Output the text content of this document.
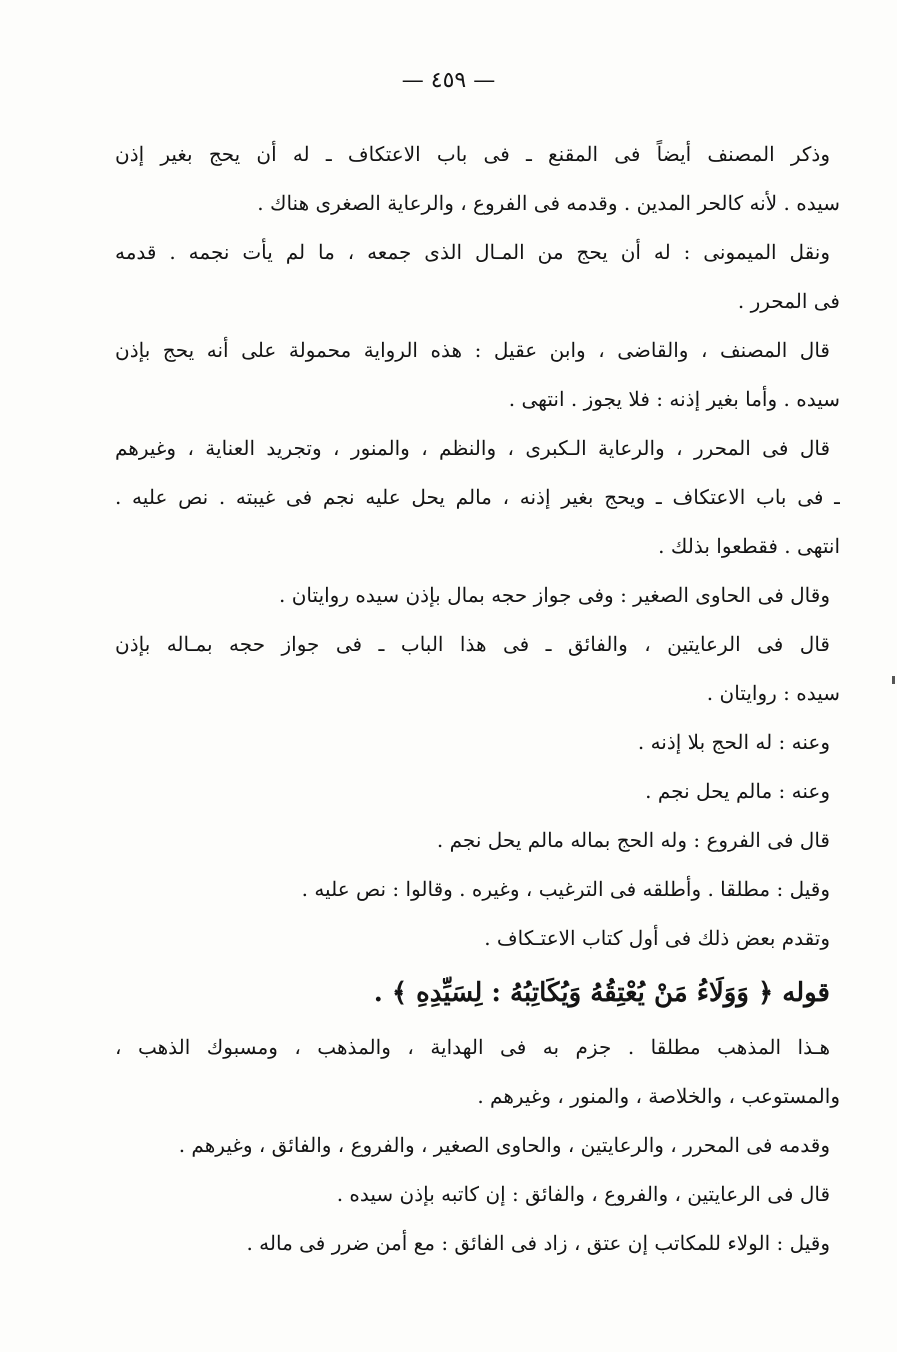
— ٤٥٩ —
وذكر المصنف أيضاً فى المقنع ـ فى باب الاعتكاف ـ له أن يحج بغير إذن
سيده . لأنه كالحر المدين . وقدمه فى الفروع ، والرعاية الصغرى هناك .
ونقل الميمونى : له أن يحج من المـال الذى جمعه ، ما لم يأت نجمه . قدمه
فى المحرر .
قال المصنف ، والقاضى ، وابن عقيل : هذه الرواية محمولة على أنه يحج بإذن
سيده . وأما بغير إذنه : فلا يجوز . انتهى .
قال فى المحرر ، والرعاية الـكبرى ، والنظم ، والمنور ، وتجريد العناية ، وغيرهم
ـ فى باب الاعتكاف ـ ويحج بغير إذنه ، مالم يحل عليه نجم فى غيبته . نص عليه .
انتهى . فقطعوا بذلك .
وقال فى الحاوى الصغير : وفى جواز حجه بمال بإذن سيده روايتان .
قال فى الرعايتين ، والفائق ـ فى هذا الباب ـ فى جواز حجه بمـاله بإذن
سيده : روايتان .
وعنه : له الحج بلا إذنه .
وعنه : مالم يحل نجم .
قال فى الفروع : وله الحج بماله مالم يحل نجم .
وقيل : مطلقا . وأطلقه فى الترغيب ، وغيره . وقالوا : نص عليه .
وتقدم بعض ذلك فى أول كتاب الاعتـكاف .
قوله ﴿ وَوَلَاءُ مَنْ يُعْتِقُهُ وَيُكَاتِبُهُ : لِسَيِّدِهِ ﴾ .
هـذا المذهب مطلقا . جزم به فى الهداية ، والمذهب ، ومسبوك الذهب ،
والمستوعب ، والخلاصة ، والمنور ، وغيرهم .
وقدمه فى المحرر ، والرعايتين ، والحاوى الصغير ، والفروع ، والفائق ، وغيرهم .
قال فى الرعايتين ، والفروع ، والفائق : إن كاتبه بإذن سيده .
وقيل : الولاء للمكاتب إن عتق ، زاد فى الفائق : مع أمن ضرر فى ماله .
